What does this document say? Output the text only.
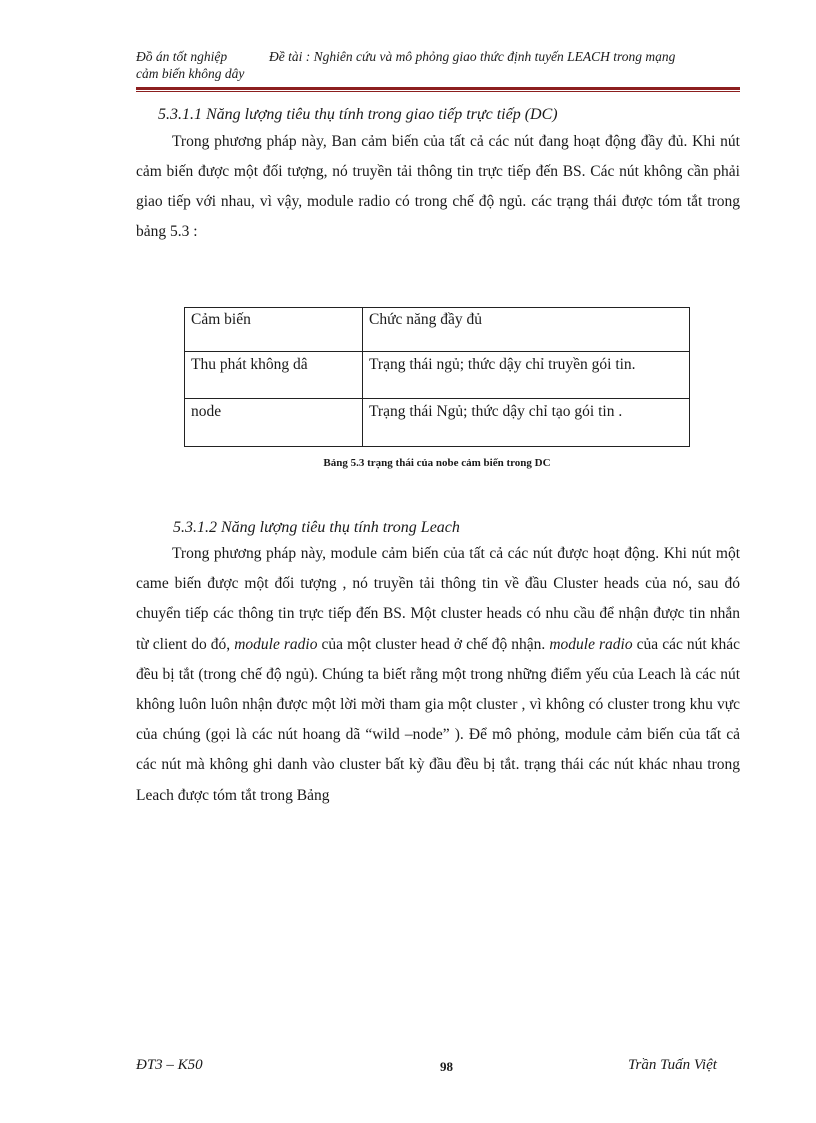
Đồ án tốt nghiệp	Đề tài : Nghiên cứu và mô phỏng giao thức định tuyến LEACH trong mạng
cảm biến không dây
5.3.1.1 Năng lượng tiêu thụ tính trong giao tiếp trực tiếp (DC)
Trong phương pháp này, Ban cảm biến của tất cả các nút đang hoạt động đầy đủ. Khi nút cảm biến được một đối tượng, nó truyền tải thông tin trực tiếp đến BS. Các nút không cần phải giao tiếp với nhau, vì vậy, module radio có trong chế độ ngủ. các trạng thái được tóm tắt trong bảng 5.3 :
Cảm biến	Chức năng đầy đủ
Thu phát không dâ	Trạng thái ngủ; thức dậy chỉ truyền gói tin.
node	Trạng thái Ngủ; thức dậy chỉ tạo gói tin .
Bảng 5.3 trạng thái của nobe cảm biến trong DC
5.3.1.2 Năng lượng tiêu thụ tính trong Leach
Trong phương pháp này, module cảm biến của tất cả các nút được hoạt động. Khi nút một came biến được một đối tượng , nó truyền tải thông tin về đầu Cluster heads của nó, sau đó chuyển tiếp các thông tin trực tiếp đến BS. Một cluster heads có nhu cầu để nhận được tin nhắn từ client do đó, module radio của một cluster head ở chế độ nhận. module radio của các nút khác đều bị tắt (trong chế độ ngủ). Chúng ta biết rằng một trong những điểm yếu của Leach là các nút không luôn luôn nhận được một lời mời tham gia một cluster , vì không có cluster trong khu vực của chúng (gọi là các nút hoang dã “wild –node” ). Để mô phỏng, module cảm biến của tất cả các nút mà không ghi danh vào cluster bất kỳ đầu đều bị tắt. trạng thái các nút khác nhau trong Leach được tóm tắt trong Bảng
ĐT3 – K50	98	Trần Tuấn Việt
